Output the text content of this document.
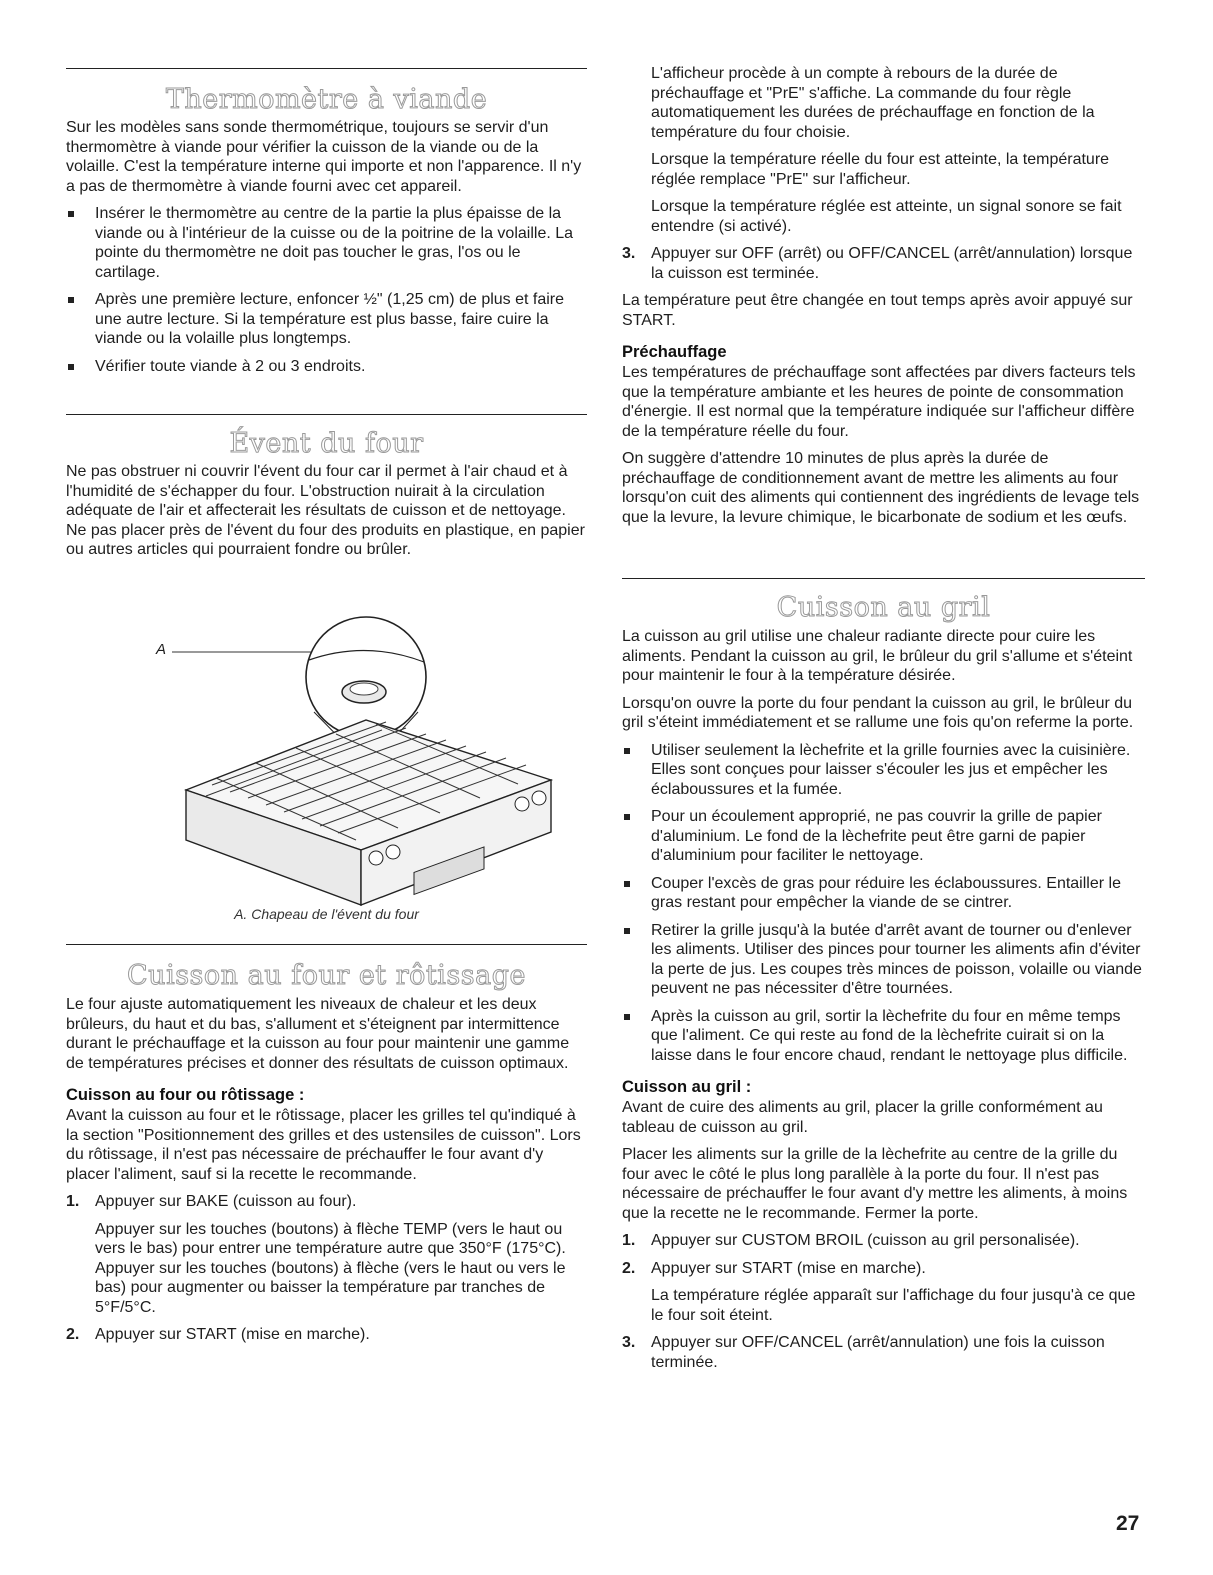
Thermomètre à viande

Sur les modèles sans sonde thermométrique, toujours se servir d'un thermomètre à viande pour vérifier la cuisson de la viande ou de la volaille. C'est la température interne qui importe et non l'apparence. Il n'y a pas de thermomètre à viande fourni avec cet appareil.

Insérer le thermomètre au centre de la partie la plus épaisse de la viande ou à l'intérieur de la cuisse ou de la poitrine de la volaille. La pointe du thermomètre ne doit pas toucher le gras, l'os ou le cartilage.
Après une première lecture, enfoncer ½" (1,25 cm) de plus et faire une autre lecture. Si la température est plus basse, faire cuire la viande ou la volaille plus longtemps.
Vérifier toute viande à 2 ou 3 endroits.
Évent du four

Ne pas obstruer ni couvrir l'évent du four car il permet à l'air chaud et à l'humidité de s'échapper du four. L'obstruction nuirait à la circulation adéquate de l'air et affecterait les résultats de cuisson et de nettoyage. Ne pas placer près de l'évent du four des produits en plastique, en papier ou autres articles qui pourraient fondre ou brûler.

A
A. Chapeau de l'évent du four
Cuisson au four et rôtissage

Le four ajuste automatiquement les niveaux de chaleur et les deux brûleurs, du haut et du bas, s'allument et s'éteignent par intermittence durant le préchauffage et la cuisson au four pour maintenir une gamme de températures précises et donner des résultats de cuisson optimaux.

Cuisson au four ou rôtissage :

Avant la cuisson au four et le rôtissage, placer les grilles tel qu'indiqué à la section "Positionnement des grilles et des ustensiles de cuisson". Lors du rôtissage, il n'est pas nécessaire de préchauffer le four avant d'y placer l'aliment, sauf si la recette le recommande.

1. Appuyer sur BAKE (cuisson au four).

Appuyer sur les touches (boutons) à flèche TEMP (vers le haut ou vers le bas) pour entrer une température autre que 350°F (175°C). Appuyer sur les touches (boutons) à flèche (vers le haut ou vers le bas) pour augmenter ou baisser la température par tranches de 5°F/5°C.

2. Appuyer sur START (mise en marche).

L'afficheur procède à un compte à rebours de la durée de préchauffage et "PrE" s'affiche. La commande du four règle automatiquement les durées de préchauffage en fonction de la température du four choisie.

Lorsque la température réelle du four est atteinte, la température réglée remplace "PrE" sur l'afficheur.

Lorsque la température réglée est atteinte, un signal sonore se fait entendre (si activé).

3. Appuyer sur OFF (arrêt) ou OFF/CANCEL (arrêt/annulation) lorsque la cuisson est terminée.

La température peut être changée en tout temps après avoir appuyé sur START.

Préchauffage

Les températures de préchauffage sont affectées par divers facteurs tels que la température ambiante et les heures de pointe de consommation d'énergie. Il est normal que la température indiquée sur l'afficheur diffère de la température réelle du four.

On suggère d'attendre 10 minutes de plus après la durée de préchauffage de conditionnement avant de mettre les aliments au four lorsqu'on cuit des aliments qui contiennent des ingrédients de levage tels que la levure, la levure chimique, le bicarbonate de sodium et les œufs.

Cuisson au gril

La cuisson au gril utilise une chaleur radiante directe pour cuire les aliments. Pendant la cuisson au gril, le brûleur du gril s'allume et s'éteint pour maintenir le four à la température désirée.

Lorsqu'on ouvre la porte du four pendant la cuisson au gril, le brûleur du gril s'éteint immédiatement et se rallume une fois qu'on referme la porte.

Utiliser seulement la lèchefrite et la grille fournies avec la cuisinière. Elles sont conçues pour laisser s'écouler les jus et empêcher les éclaboussures et la fumée.
Pour un écoulement approprié, ne pas couvrir la grille de papier d'aluminium. Le fond de la lèchefrite peut être garni de papier d'aluminium pour faciliter le nettoyage.
Couper l'excès de gras pour réduire les éclaboussures. Entailler le gras restant pour empêcher la viande de se cintrer.
Retirer la grille jusqu'à la butée d'arrêt avant de tourner ou d'enlever les aliments. Utiliser des pinces pour tourner les aliments afin d'éviter la perte de jus. Les coupes très minces de poisson, volaille ou viande peuvent ne pas nécessiter d'être tournées.
Après la cuisson au gril, sortir la lèchefrite du four en même temps que l'aliment. Ce qui reste au fond de la lèchefrite cuirait si on la laisse dans le four encore chaud, rendant le nettoyage plus difficile.
Cuisson au gril :

Avant de cuire des aliments au gril, placer la grille conformément au tableau de cuisson au gril.

Placer les aliments sur la grille de la lèchefrite au centre de la grille du four avec le côté le plus long parallèle à la porte du four. Il n'est pas nécessaire de préchauffer le four avant d'y mettre les aliments, à moins que la recette ne le recommande. Fermer la porte.

1. Appuyer sur CUSTOM BROIL (cuisson au gril personalisée).

2. Appuyer sur START (mise en marche).

La température réglée apparaît sur l'affichage du four jusqu'à ce que le four soit éteint.

3. Appuyer sur OFF/CANCEL (arrêt/annulation) une fois la cuisson terminée.

27
